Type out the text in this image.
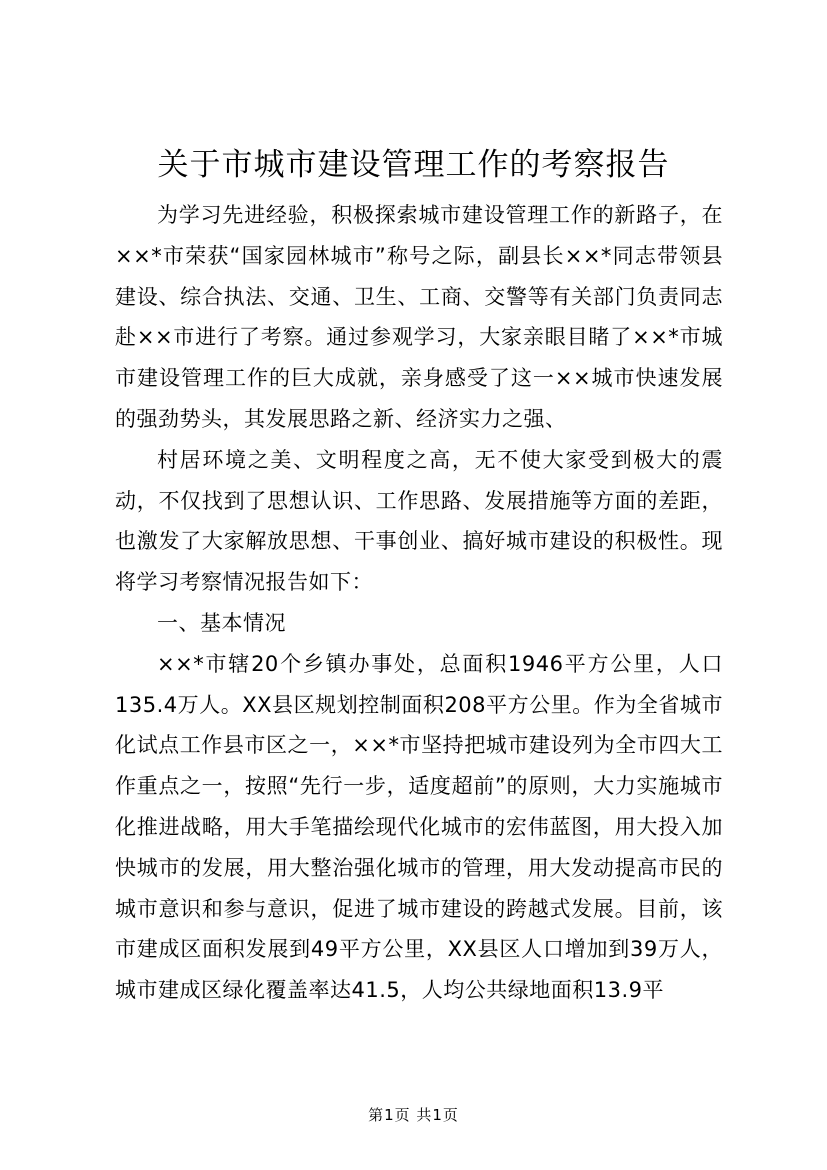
关于市城市建设管理工作的考察报告

为学习先进经验，积极探索城市建设管理工作的新路子，在××*市荣获“国家园林城市”称号之际，副县长××*同志带领县建设、综合执法、交通、卫生、工商、交警等有关部门负责同志赴××市进行了考察。通过参观学习，大家亲眼目睹了××*市城市建设管理工作的巨大成就，亲身感受了这一××城市快速发展的强劲势头，其发展思路之新、经济实力之强、

村居环境之美、文明程度之高，无不使大家受到极大的震动，不仅找到了思想认识、工作思路、发展措施等方面的差距，也激发了大家解放思想、干事创业、搞好城市建设的积极性。现将学习考察情况报告如下：

一、基本情况

××*市辖20个乡镇办事处，总面积1946平方公里，人口135.4万人。XX县区规划控制面积208平方公里。作为全省城市化试点工作县市区之一，××*市坚持把城市建设列为全市四大工作重点之一，按照“先行一步，适度超前”的原则，大力实施城市化推进战略，用大手笔描绘现代化城市的宏伟蓝图，用大投入加快城市的发展，用大整治强化城市的管理，用大发动提高市民的城市意识和参与意识，促进了城市建设的跨越式发展。目前，该市建成区面积发展到49平方公里，XX县区人口增加到39万人，城市建成区绿化覆盖率达41.5，人均公共绿地面积13.9平

第1页 共1页
